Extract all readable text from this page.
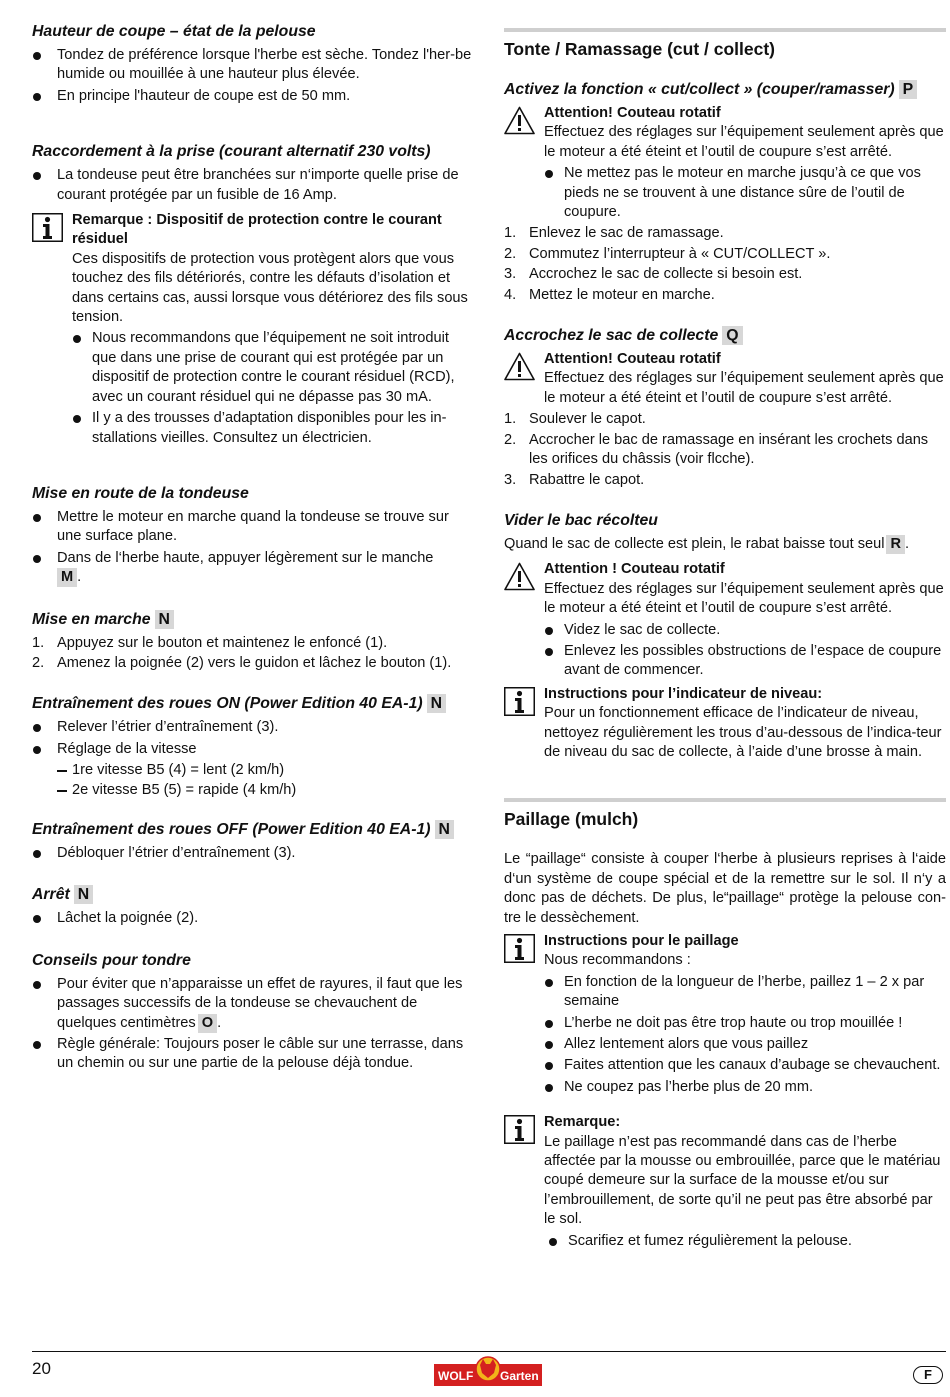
Hauteur de coupe – état de la pelouse
Tondez de préférence lorsque l'herbe est sèche. Tondez l'her-be humide ou mouillée à une hauteur plus élevée.
En principe l'hauteur de coupe est de 50 mm.
Raccordement à la prise (courant alternatif 230 volts)
La tondeuse peut être branchées sur n‘importe quelle prise de courant protégée par un fusible de 16 Amp.
Remarque : Dispositif de protection contre le courant résiduel

Ces dispositifs de protection vous protègent alors que vous touchez des fils détériorés, contre les défauts d’isolation et dans certains cas, aussi lorsque vous détériorez des fils sous tension.

Nous recommandons que l’équipement ne soit introduit que dans une prise de courant qui est protégée par un dispositif de protection contre le courant résiduel (RCD), avec un courant résiduel qui ne dépasse pas 30 mA.
Il y a des trousses d’adaptation disponibles pour les in-stallations vieilles. Consultez un électricien.
Mise en route de la tondeuse
Mettre le moteur en marche quand la tondeuse se trouve sur une surface plane.
Dans de l‘herbe haute, appuyer légèrement sur le manche
M .
Mise en marche N
1. Appuyez sur le bouton et maintenez le enfoncé (1).
2. Amenez la poignée (2) vers le guidon et lâchez le bouton (1).
Entraînement des roues ON (Power Edition 40 EA-1) N
Relever l’étrier d’entraînement (3).
Réglage de la vitesse
1re vitesse B5 (4) = lent (2 km/h)
2e vitesse B5 (5) = rapide (4 km/h)
Entraînement des roues OFF (Power Edition 40 EA-1) N
Débloquer l’étrier d’entraînement (3).
Arrêt N
Lâchet la poignée (2).
Conseils pour tondre
Pour éviter que n’apparaisse un effet de rayures, il faut que les passages successifs de la tondeuse se chevauchent de quelques centimètres O .
Règle générale: Toujours poser le câble sur une terrasse, dans un chemin ou sur une partie de la pelouse déjà tondue.
Tonte / Ramassage (cut / collect)
Activez la fonction « cut/collect » (couper/ramasser) P
Attention! Couteau rotatif

Effectuez des réglages sur l’équipement seulement après que le moteur a été éteint et l’outil de coupure s’est arrêté.

Ne mettez pas le moteur en marche jusqu’à ce que vos pieds ne se trouvent à une distance sûre de l’outil de coupure.
1. Enlevez le sac de ramassage.
2. Commutez l’interrupteur à « CUT/COLLECT ».
3. Accrochez le sac de collecte si besoin est.
4. Mettez le moteur en marche.
Accrochez le sac de collecte Q
Attention! Couteau rotatif

Effectuez des réglages sur l’équipement seulement après que le moteur a été éteint et l’outil de coupure s’est arrêté.

1. Soulever le capot.
2. Accrocher le bac de ramassage en insérant les crochets dans les orifices du châssis (voir flcche).
3. Rabattre le capot.
Vider le bac récolteu

Quand le sac de collecte est plein, le rabat baisse tout seul R .

Attention ! Couteau rotatif

Effectuez des réglages sur l’équipement seulement après que le moteur a été éteint et l’outil de coupure s’est arrêté.

Videz le sac de collecte.
Enlevez les possibles obstructions de l’espace de coupure avant de commencer.
Instructions pour l’indicateur de niveau:

Pour un fonctionnement efficace de l’indicateur de niveau, nettoyez régulièrement les trous d’au-dessous de l’indica-teur de niveau du sac de collecte, à l’aide d’une brosse à main.

Paillage (mulch)

Le “paillage“ consiste à couper l‘herbe à plusieurs reprises à l‘aide d‘un système de coupe spécial et de la remettre sur le sol. Il n‘y a donc pas de déchets. De plus, le“paillage“ protège la pelouse con-tre le dessèchement.

Instructions pour le paillage

Nous recommandons :

En fonction de la longueur de l’herbe, paillez 1 – 2 x par semaine
L’herbe ne doit pas être trop haute ou trop mouillée !
Allez lentement alors que vous paillez
Faites attention que les canaux d’aubage se chevauchent.
Ne coupez pas l’herbe plus de 20 mm.
Remarque:

Le paillage n’est pas recommandé dans cas de l’herbe affectée par la mousse ou embrouillée, parce que le matériau coupé demeure sur la surface de la mousse et/ou sur l’embrouillement, de sorte qu’il ne peut pas être absorbé par le sol.

Scarifiez et fumez régulièrement la pelouse.
20	WOLF Garten	F
